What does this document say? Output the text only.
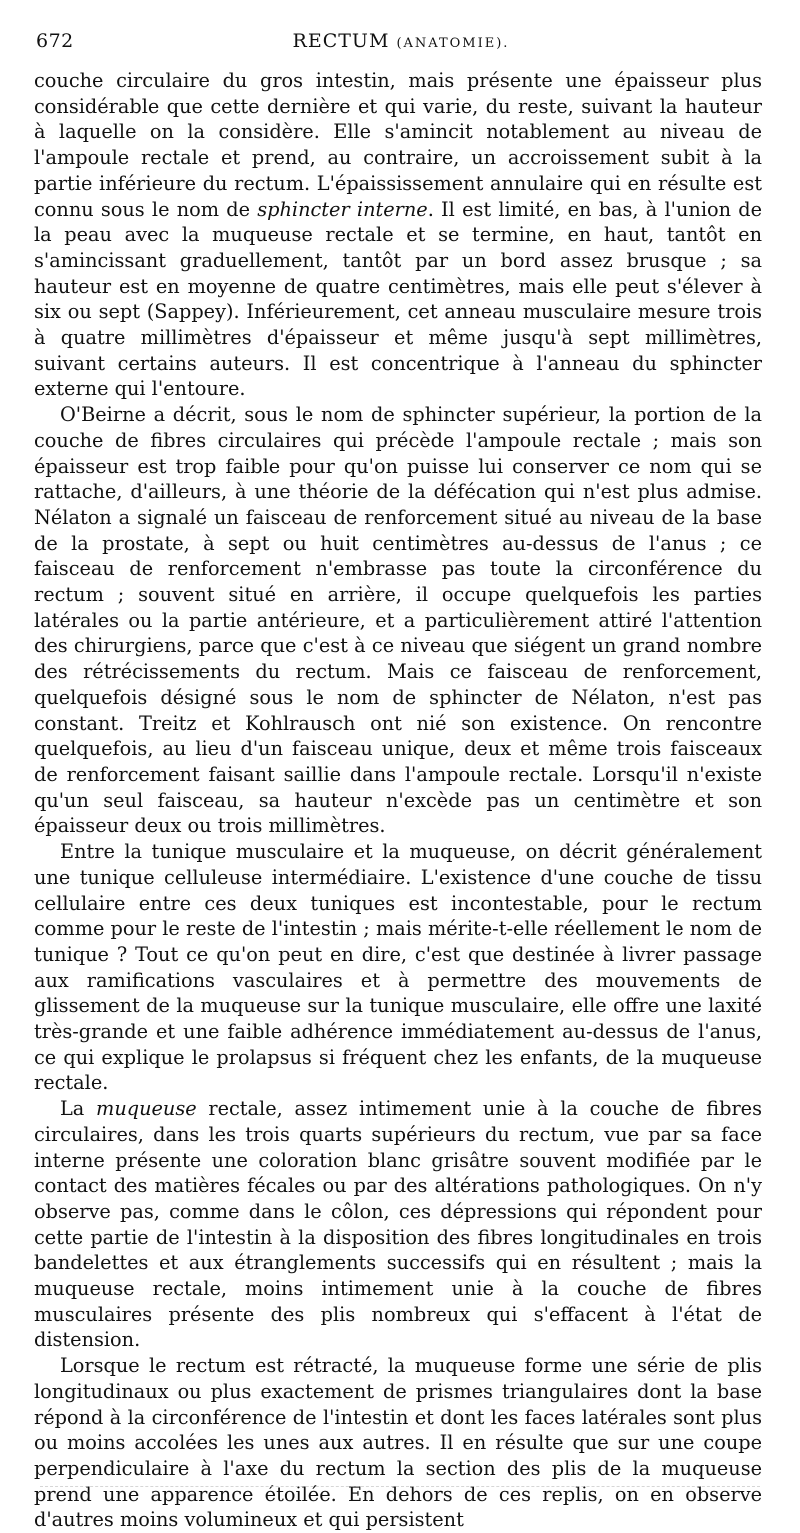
672	RECTUM (ANATOMIE).

couche circulaire du gros intestin, mais présente une épaisseur plus considérable que cette dernière et qui varie, du reste, suivant la hauteur à laquelle on la considère. Elle s'amincit notablement au niveau de l'ampoule rectale et prend, au contraire, un accroissement subit à la partie inférieure du rectum. L'épaississement annulaire qui en résulte est connu sous le nom de sphincter interne. Il est limité, en bas, à l'union de la peau avec la muqueuse rectale et se termine, en haut, tantôt en s'amincissant graduellement, tantôt par un bord assez brusque ; sa hauteur est en moyenne de quatre centimètres, mais elle peut s'élever à six ou sept (Sappey). Inférieurement, cet anneau musculaire mesure trois à quatre millimètres d'épaisseur et même jusqu'à sept millimètres, suivant certains auteurs. Il est concentrique à l'anneau du sphincter externe qui l'entoure.

O'Beirne a décrit, sous le nom de sphincter supérieur, la portion de la couche de fibres circulaires qui précède l'ampoule rectale ; mais son épaisseur est trop faible pour qu'on puisse lui conserver ce nom qui se rattache, d'ailleurs, à une théorie de la défécation qui n'est plus admise. Nélaton a signalé un faisceau de renforcement situé au niveau de la base de la prostate, à sept ou huit centimètres au-dessus de l'anus ; ce faisceau de renforcement n'embrasse pas toute la circonférence du rectum ; souvent situé en arrière, il occupe quelquefois les parties latérales ou la partie antérieure, et a particulièrement attiré l'attention des chirurgiens, parce que c'est à ce niveau que siégent un grand nombre des rétrécissements du rectum. Mais ce faisceau de renforcement, quelquefois désigné sous le nom de sphincter de Nélaton, n'est pas constant. Treitz et Kohlrausch ont nié son existence. On rencontre quelquefois, au lieu d'un faisceau unique, deux et même trois faisceaux de renforcement faisant saillie dans l'ampoule rectale. Lorsqu'il n'existe qu'un seul faisceau, sa hauteur n'excède pas un centimètre et son épaisseur deux ou trois millimètres.

Entre la tunique musculaire et la muqueuse, on décrit généralement une tunique celluleuse intermédiaire. L'existence d'une couche de tissu cellulaire entre ces deux tuniques est incontestable, pour le rectum comme pour le reste de l'intestin ; mais mérite-t-elle réellement le nom de tunique ? Tout ce qu'on peut en dire, c'est que destinée à livrer passage aux ramifications vasculaires et à permettre des mouvements de glissement de la muqueuse sur la tunique musculaire, elle offre une laxité très-grande et une faible adhérence immédiatement au-dessus de l'anus, ce qui explique le prolapsus si fréquent chez les enfants, de la muqueuse rectale.

La muqueuse rectale, assez intimement unie à la couche de fibres circulaires, dans les trois quarts supérieurs du rectum, vue par sa face interne présente une coloration blanc grisâtre souvent modifiée par le contact des matières fécales ou par des altérations pathologiques. On n'y observe pas, comme dans le côlon, ces dépressions qui répondent pour cette partie de l'intestin à la disposition des fibres longitudinales en trois bandelettes et aux étranglements successifs qui en résultent ; mais la muqueuse rectale, moins intimement unie à la couche de fibres musculaires présente des plis nombreux qui s'effacent à l'état de distension.

Lorsque le rectum est rétracté, la muqueuse forme une série de plis longitudinaux ou plus exactement de prismes triangulaires dont la base répond à la circonférence de l'intestin et dont les faces latérales sont plus ou moins accolées les unes aux autres. Il en résulte que sur une coupe perpendiculaire à l'axe du rectum la section des plis de la muqueuse prend une apparence étoilée. En dehors de ces replis, on en observe d'autres moins volumineux et qui persistent
